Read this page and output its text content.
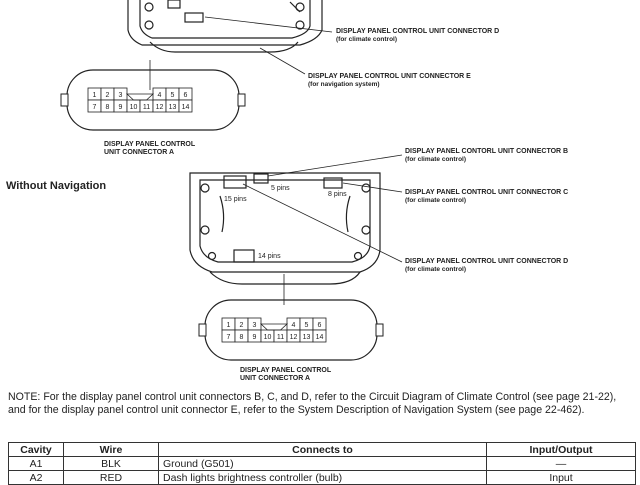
DISPLAY PANEL CONTROL UNIT CONNECTOR D
(for climate control)
DISPLAY PANEL CONTROL UNIT CONNECTOR E
(for navigation system)
1 2 3	4 5 6
7 8 9 10 11 12 13 14
DISPLAY PANEL CONTROL
UNIT CONNECTOR A
5 pins
15 pins
8 pins
14 pins
DISPLAY PANEL CONTORL UNIT CONNECTOR B
(for climate control)
DISPLAY PANEL CONTROL UNIT CONNECTOR C
(for climate control)
DISPLAY PANEL CONTROL UNIT CONNECTOR D
(for climate control)
1 2 3	4 5 6
7 8 9 10 11 12 13 14
DISPLAY PANEL CONTROL
UNIT CONNECTOR A
Without Navigation
NOTE: For the display panel control unit connectors B, C, and D, refer to the Circuit Diagram of Climate Control (see page 21-22), and for the display panel control unit connector E, refer to the System Description of Navigation System (see page 22-462).
Cavity	Wire	Connects to	Input/Output
A1	BLK	Ground (G501)	—
A2	RED	Dash lights brightness controller (bulb)	Input
